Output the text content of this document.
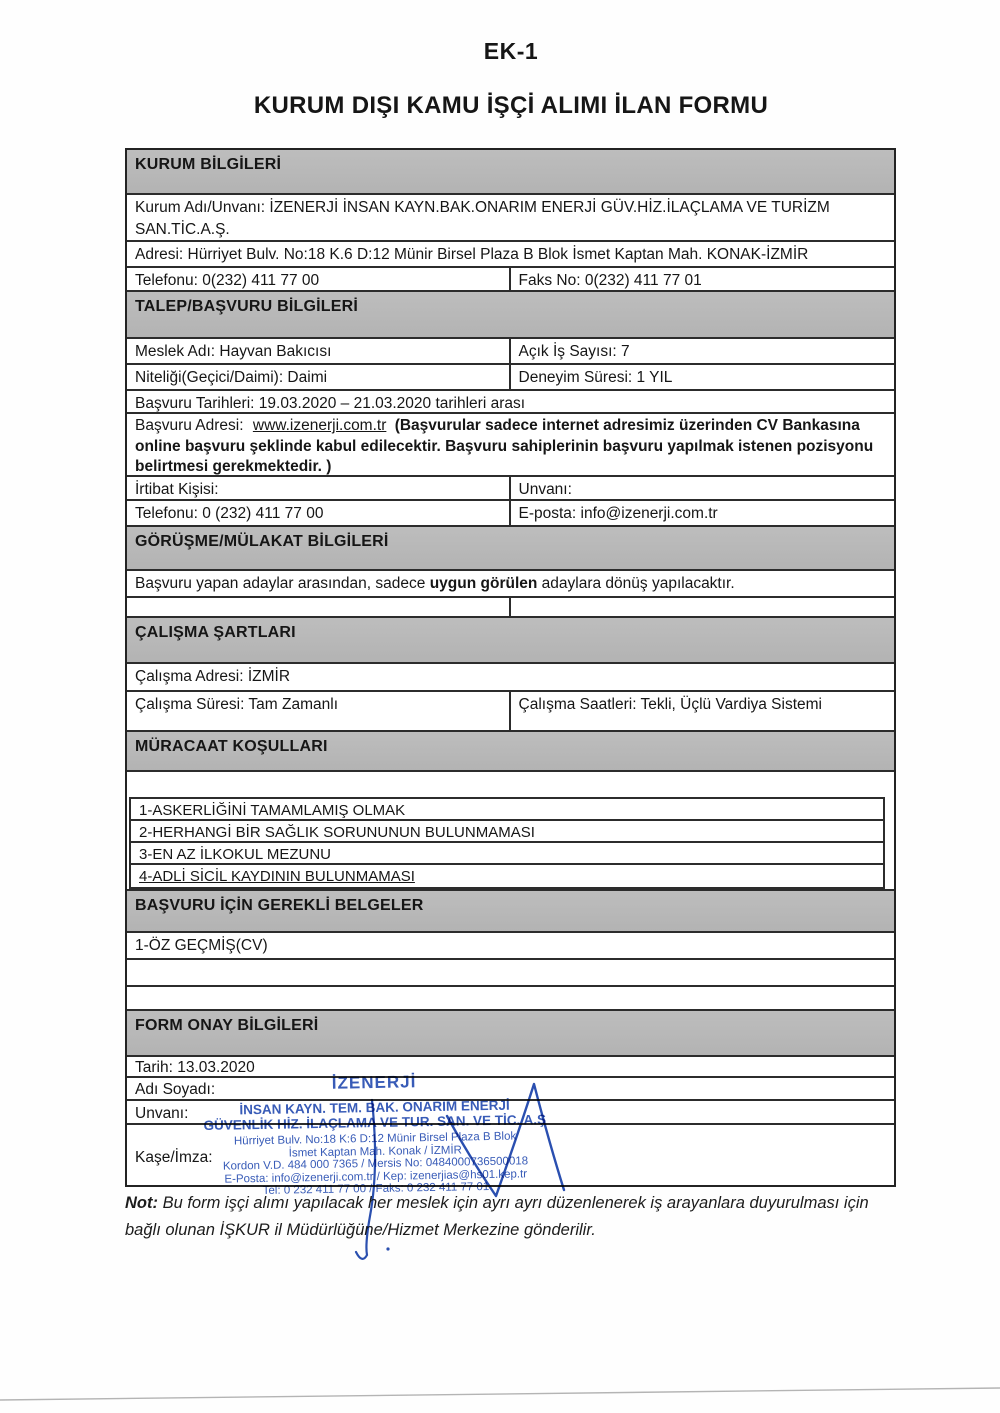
EK-1
KURUM DIŞI KAMU İŞÇİ ALIMI İLAN FORMU
KURUM BİLGİLERİ
Kurum Adı/Unvanı: İZENERJİ İNSAN KAYN.BAK.ONARIM ENERJİ GÜV.HİZ.İLAÇLAMA VE TURİZM SAN.TİC.A.Ş.
Adresi: Hürriyet Bulv. No:18 K.6 D:12 Münir Birsel Plaza B Blok İsmet Kaptan Mah. KONAK-İZMİR
Telefonu: 0(232) 411 77 00	Faks No: 0(232) 411 77 01
TALEP/BAŞVURU BİLGİLERİ
Meslek Adı: Hayvan Bakıcısı	Açık İş Sayısı: 7
Niteliği(Geçici/Daimi): Daimi	Deneyim Süresi: 1 YIL
Başvuru Tarihleri: 19.03.2020 – 21.03.2020 tarihleri arası
Başvuru Adresi: www.izenerji.com.tr (Başvurular sadece internet adresimiz üzerinden CV Bankasına online başvuru şeklinde kabul edilecektir. Başvuru sahiplerinin başvuru yapılmak istenen pozisyonu belirtmesi gerekmektedir. )
İrtibat Kişisi:	Unvanı:
Telefonu: 0 (232) 411 77 00	E-posta: info@izenerji.com.tr
GÖRÜŞME/MÜLAKAT BİLGİLERİ
Başvuru yapan adaylar arasından, sadece uygun görülen adaylara dönüş yapılacaktır.
ÇALIŞMA ŞARTLARI
Çalışma Adresi: İZMİR
Çalışma Süresi: Tam Zamanlı	Çalışma Saatleri: Tekli, Üçlü Vardiya Sistemi
MÜRACAAT KOŞULLARI
1-ASKERLİĞİNİ TAMAMLAMIŞ OLMAK
2-HERHANGİ BİR SAĞLIK SORUNUNUN BULUNMAMASI
3-EN AZ İLKOKUL MEZUNU
4-ADLİ SİCİL KAYDININ BULUNMAMASI
BAŞVURU İÇİN GEREKLİ BELGELER
1-ÖZ GEÇMİŞ(CV)
FORM ONAY BİLGİLERİ
Tarih: 13.03.2020
Adı Soyadı:
Unvanı:
Kaşe/İmza:
İZENERJİ
İNSAN KAYN. TEM. BAK. ONARIM ENERJİ
GÜVENLİK HİZ. İLAÇLAMA VE TUR. SAN. VE TİC. A.Ş
Hürriyet Bulv. No:18 K:6 D:12 Münir Birsel Plaza B Blok
İsmet Kaptan Mah. Konak / İZMİR
Kordon V.D. 484 000 7365 / Mersis No: 0484000736500018
E-Posta: info@izenerji.com.tr / Kep: izenerjias@hs01.kep.tr
Tel: 0 232 411 77 00 / Faks: 0 232 411 77 01
Not: Bu form işçi alımı yapılacak her meslek için ayrı ayrı düzenlenerek iş arayanlara duyurulması için bağlı olunan İŞKUR il Müdürlüğüne/Hizmet Merkezine gönderilir.
